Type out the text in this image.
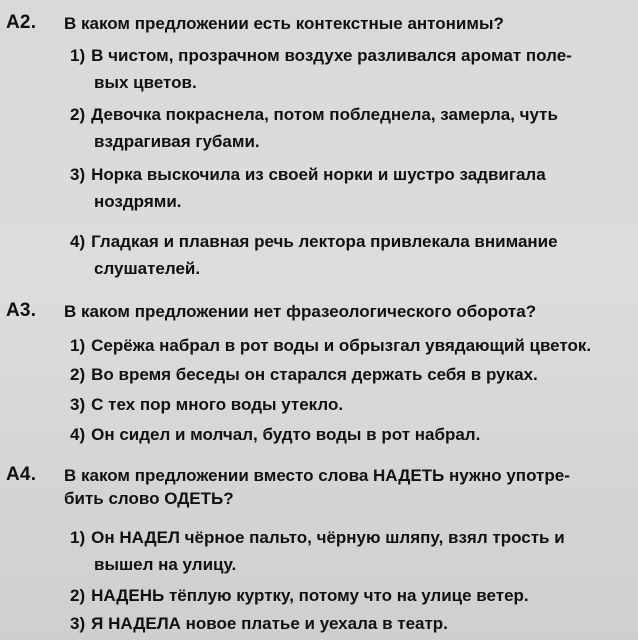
А2. В каком предложении есть контекстные антонимы?
1) В чистом, прозрачном воздухе разливался аромат поле-
вых цветов.
2) Девочка покраснела, потом побледнела, замерла, чуть
вздрагивая губами.
3) Норка выскочила из своей норки и шустро задвигала
ноздрями.
4) Гладкая и плавная речь лектора привлекала внимание
слушателей.
А3. В каком предложении нет фразеологического оборота?
1) Серёжа набрал в рот воды и обрызгал увядающий цветок.
2) Во время беседы он старался держать себя в руках.
3) С тех пор много воды утекло.
4) Он сидел и молчал, будто воды в рот набрал.
А4. В каком предложении вместо слова НАДЕТЬ нужно употре-
бить слово ОДЕТЬ?
1) Он НАДЕЛ чёрное пальто, чёрную шляпу, взял трость и
вышел на улицу.
2) НАДЕНЬ тёплую куртку, потому что на улице ветер.
3) Я НАДЕЛА новое платье и уехала в театр.
